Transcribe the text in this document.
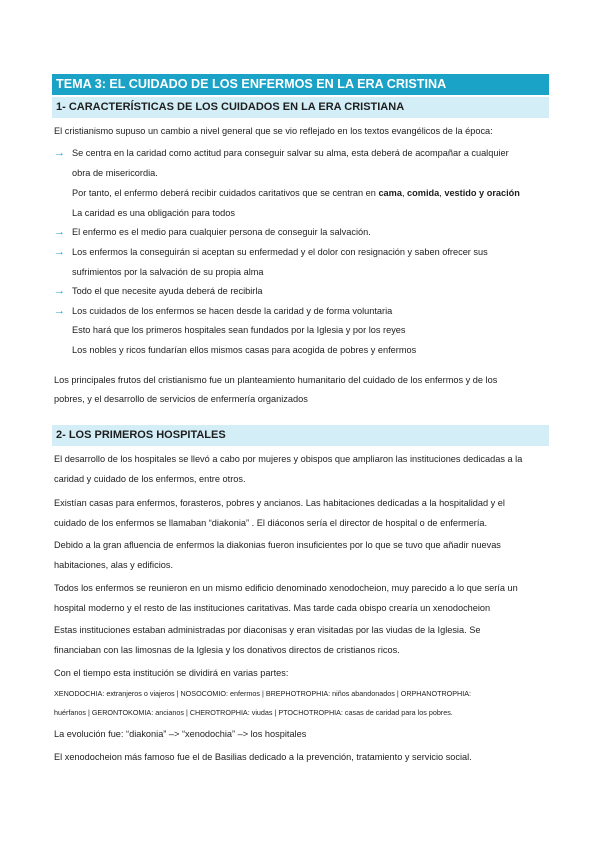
TEMA 3: EL CUIDADO DE LOS ENFERMOS EN LA ERA CRISTINA
1- CARACTERÍSTICAS DE LOS CUIDADOS EN LA ERA CRISTIANA
El cristianismo supuso un cambio a nivel general que se vio reflejado en los textos evangélicos de la época:
→ Se centra en la caridad como actitud para conseguir salvar su alma, esta deberá de acompañar a cualquier
obra de misericordia.
Por tanto, el enfermo deberá recibir cuidados caritativos que se centran en cama, comida, vestido y oración
La caridad es una obligación para todos
→ El enfermo es el medio para cualquier persona de conseguir la salvación.
→ Los enfermos la conseguirán si aceptan su enfermedad y el dolor con resignación y saben ofrecer sus
sufrimientos por la salvación de su propia alma
→ Todo el que necesite ayuda deberá de recibirla
→ Los cuidados de los enfermos se hacen desde la caridad y de forma voluntaria
Esto hará que los primeros hospitales sean fundados por la Iglesia y por los reyes
Los nobles y ricos fundarían ellos mismos casas para acogida de pobres y enfermos
Los principales frutos del cristianismo fue un planteamiento humanitario del cuidado de los enfermos y de los
pobres, y el desarrollo de servicios de enfermería organizados
2- LOS PRIMEROS HOSPITALES
El desarrollo de los hospitales se llevó a cabo por mujeres y obispos que ampliaron las instituciones dedicadas a la
caridad y cuidado de los enfermos, entre otros.
Existían casas para enfermos, forasteros, pobres y ancianos. Las habitaciones dedicadas a la hospitalidad y el
cuidado de los enfermos se llamaban “diakonia” . El diáconos sería el director de hospital o de enfermería.
Debido a la gran afluencia de enfermos la diakonias fueron insuficientes por lo que se tuvo que añadir nuevas
habitaciones, alas y edificios.
Todos los enfermos se reunieron en un mismo edificio denominado xenodocheion, muy parecido a lo que sería un
hospital moderno y el resto de las instituciones caritativas. Mas tarde cada obispo crearía un xenodocheion
Estas instituciones estaban administradas por diaconisas y eran visitadas por las viudas de la Iglesia. Se
financiaban con las limosnas de la Iglesia y los donativos directos de cristianos ricos.
Con el tiempo esta institución se dividirá en varias partes:
XENODOCHIA: extranjeros o viajeros | NOSOCOMIO: enfermos | BREPHOTROPHIA: niños abandonados | ORPHANOTROPHIA:
huérfanos | GERONTOKOMIA: ancianos | CHEROTROPHIA: viudas | PTOCHOTROPHIA: casas de caridad para los pobres.
La evolución fue: “diakonia” –> “xenodochia” –> los hospitales
El xenodocheion más famoso fue el de Basilias dedicado a la prevención, tratamiento y servicio social.
